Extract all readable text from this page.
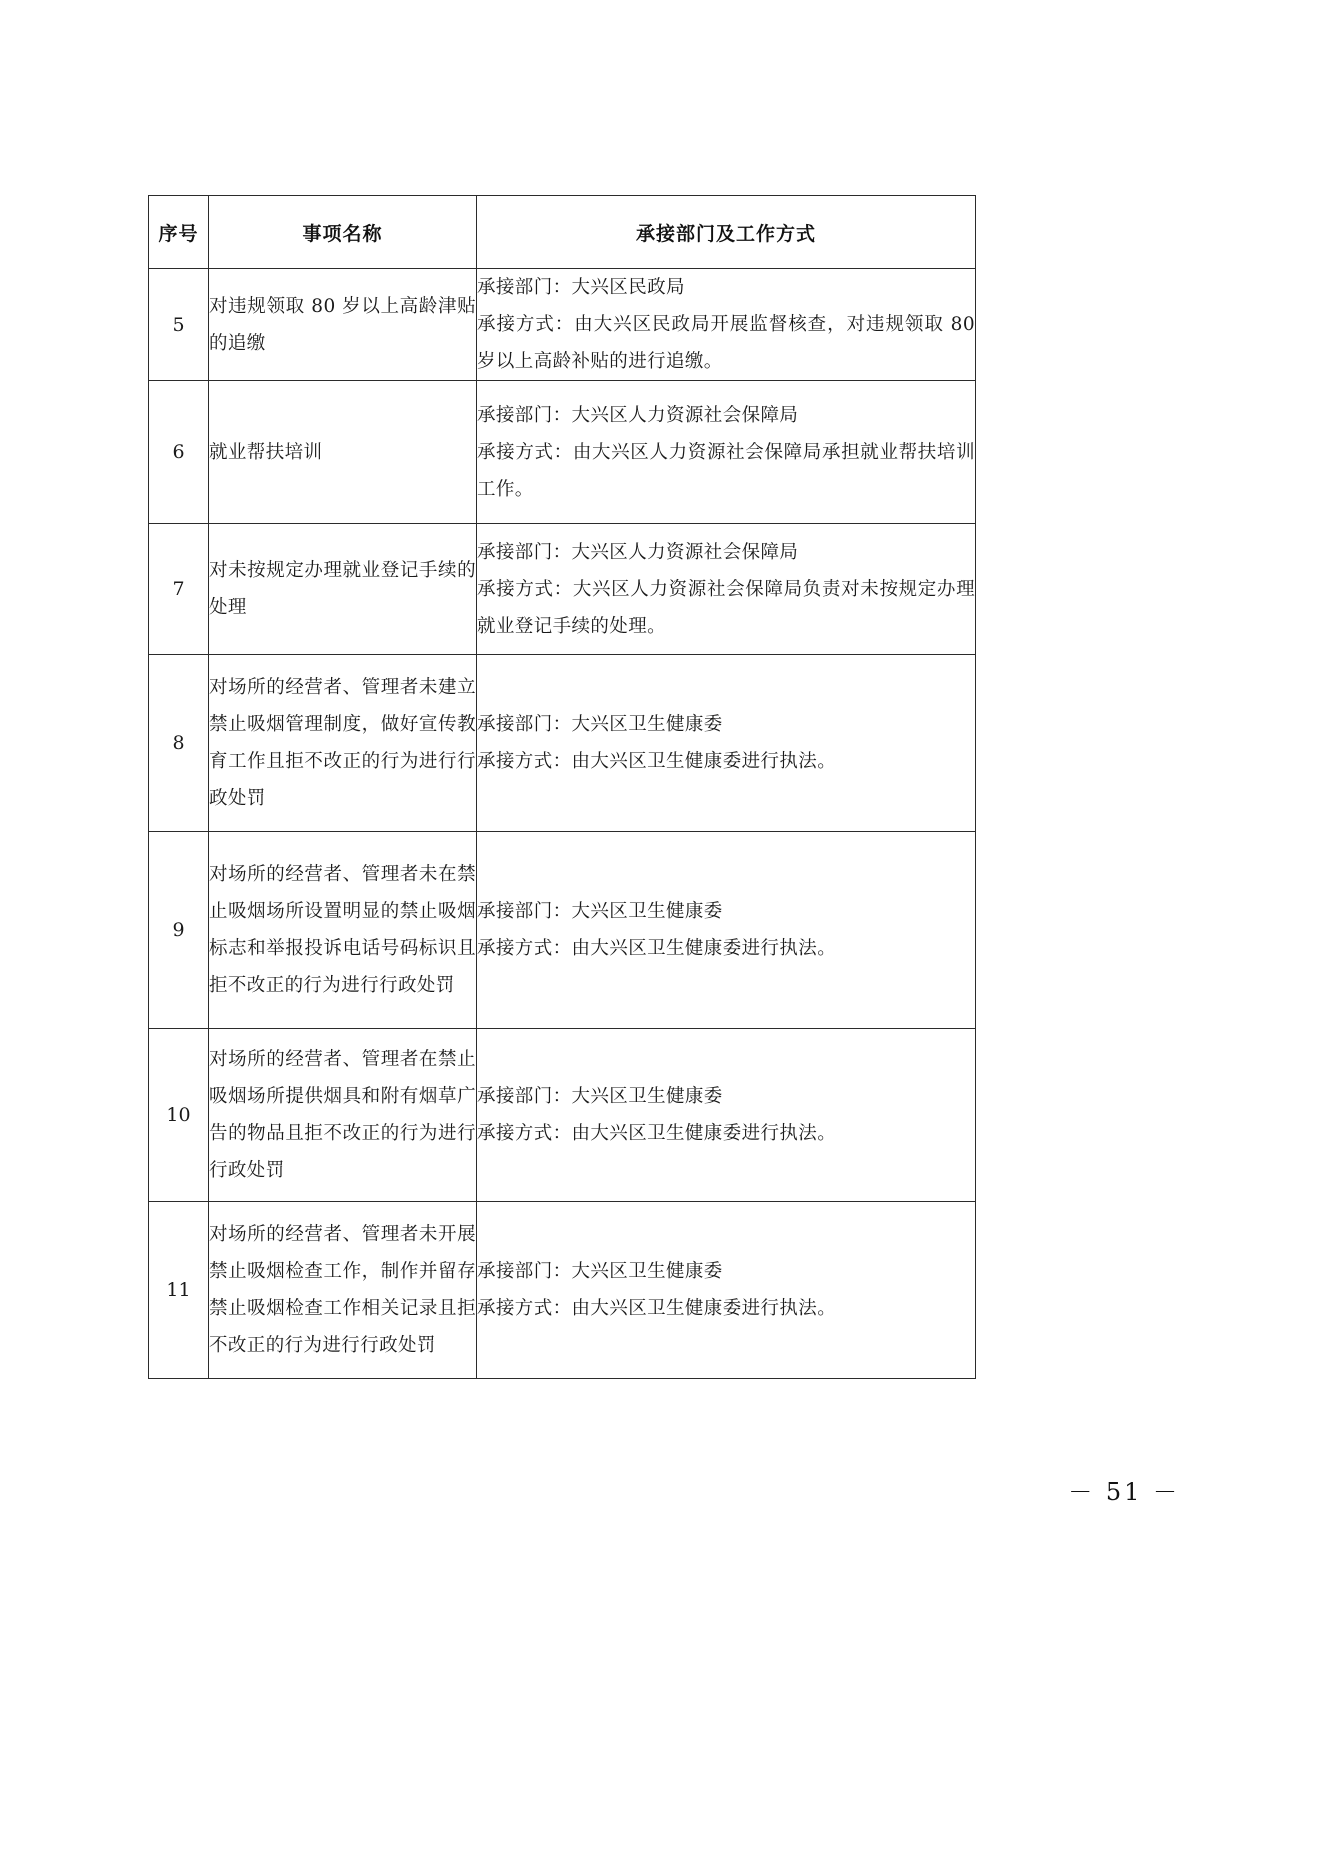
序号	事项名称	承接部门及工作方式
5	对违规领取 80 岁以上高龄津贴的追缴	承接部门：大兴区民政局
承接方式：由大兴区民政局开展监督核查，对违规领取 80 岁以上高龄补贴的进行追缴。

6	就业帮扶培训	承接部门：大兴区人力资源社会保障局
承接方式：由大兴区人力资源社会保障局承担就业帮扶培训工作。

7	对未按规定办理就业登记手续的处理	承接部门：大兴区人力资源社会保障局
承接方式：大兴区人力资源社会保障局负责对未按规定办理就业登记手续的处理。

8	对场所的经营者、管理者未建立禁止吸烟管理制度，做好宣传教育工作且拒不改正的行为进行行政处罚	承接部门：大兴区卫生健康委
承接方式：由大兴区卫生健康委进行执法。

9	对场所的经营者、管理者未在禁止吸烟场所设置明显的禁止吸烟标志和举报投诉电话号码标识且拒不改正的行为进行行政处罚	承接部门：大兴区卫生健康委
承接方式：由大兴区卫生健康委进行执法。

10	对场所的经营者、管理者在禁止吸烟场所提供烟具和附有烟草广告的物品且拒不改正的行为进行行政处罚	承接部门：大兴区卫生健康委
承接方式：由大兴区卫生健康委进行执法。

11	对场所的经营者、管理者未开展禁止吸烟检查工作，制作并留存禁止吸烟检查工作相关记录且拒不改正的行为进行行政处罚	承接部门：大兴区卫生健康委
承接方式：由大兴区卫生健康委进行执法。
－ 51 －
